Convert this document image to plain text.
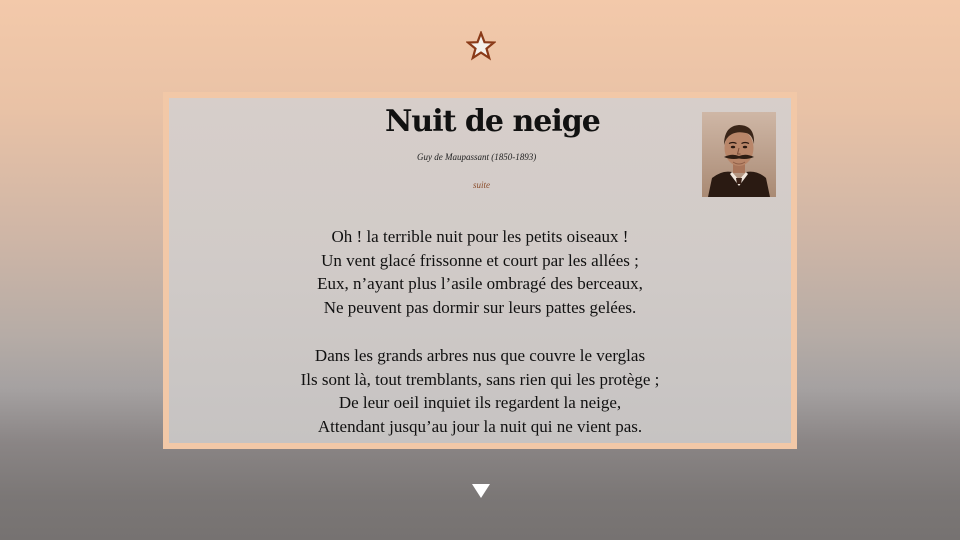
Nuit de neige
Guy de Maupassant (1850-1893)
suite
Oh ! la terrible nuit pour les petits oiseaux !
Un vent glacé frissonne et court par les allées ;
Eux, n’ayant plus l’asile ombragé des berceaux,
Ne peuvent pas dormir sur leurs pattes gelées.
Dans les grands arbres nus que couvre le verglas
Ils sont là, tout tremblants, sans rien qui les protège ;
De leur oeil inquiet ils regardent la neige,
Attendant jusqu’au jour la nuit qui ne vient pas.
